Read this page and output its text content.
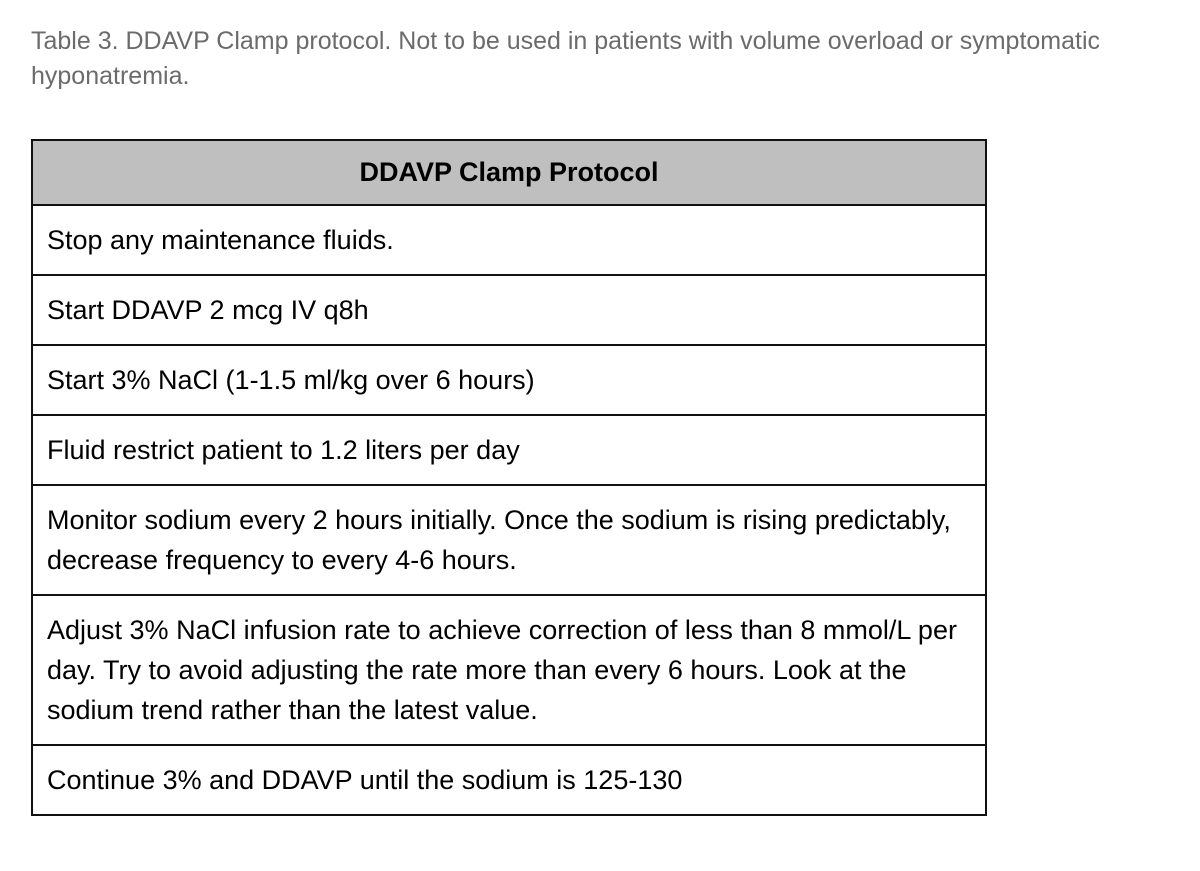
Table 3. DDAVP Clamp protocol. Not to be used in patients with volume overload or symptomatic hyponatremia.

DDAVP Clamp Protocol
Stop any maintenance fluids.
Start DDAVP 2 mcg IV q8h
Start 3% NaCl (1-1.5 ml/kg over 6 hours)
Fluid restrict patient to 1.2 liters per day
Monitor sodium every 2 hours initially. Once the sodium is rising predictably, decrease frequency to every 4-6 hours.
Adjust 3% NaCl infusion rate to achieve correction of less than 8 mmol/L per day. Try to avoid adjusting the rate more than every 6 hours. Look at the sodium trend rather than the latest value.
Continue 3% and DDAVP until the sodium is 125-130
